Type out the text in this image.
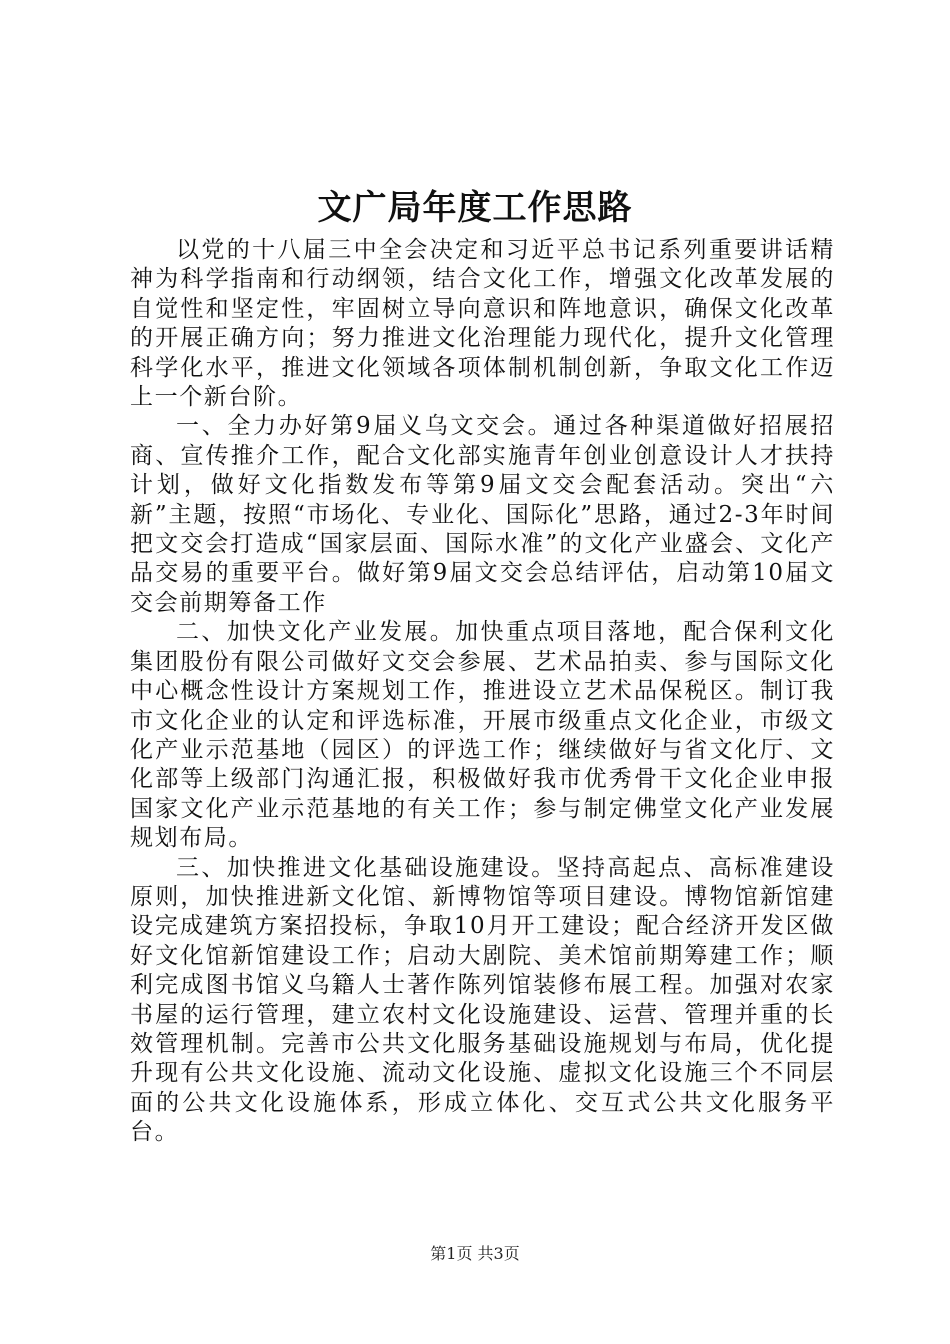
文广局年度工作思路

以党的十八届三中全会决定和习近平总书记系列重要讲话精神为科学指南和行动纲领，结合文化工作，增强文化改革发展的自觉性和坚定性，牢固树立导向意识和阵地意识，确保文化改革的开展正确方向；努力推进文化治理能力现代化，提升文化管理科学化水平，推进文化领域各项体制机制创新，争取文化工作迈上一个新台阶。

一、全力办好第9届义乌文交会。通过各种渠道做好招展招商、宣传推介工作，配合文化部实施青年创业创意设计人才扶持计划，做好文化指数发布等第9届文交会配套活动。突出“六新”主题，按照“市场化、专业化、国际化”思路，通过2-3年时间把文交会打造成“国家层面、国际水准”的文化产业盛会、文化产品交易的重要平台。做好第9届文交会总结评估，启动第10届文交会前期筹备工作

二、加快文化产业发展。加快重点项目落地，配合保利文化集团股份有限公司做好文交会参展、艺术品拍卖、参与国际文化中心概念性设计方案规划工作，推进设立艺术品保税区。制订我市文化企业的认定和评选标准，开展市级重点文化企业，市级文化产业示范基地（园区）的评选工作；继续做好与省文化厅、文化部等上级部门沟通汇报，积极做好我市优秀骨干文化企业申报国家文化产业示范基地的有关工作；参与制定佛堂文化产业发展规划布局。

三、加快推进文化基础设施建设。坚持高起点、高标准建设原则，加快推进新文化馆、新博物馆等项目建设。博物馆新馆建设完成建筑方案招投标，争取10月开工建设；配合经济开发区做好文化馆新馆建设工作；启动大剧院、美术馆前期筹建工作；顺利完成图书馆义乌籍人士著作陈列馆装修布展工程。加强对农家书屋的运行管理，建立农村文化设施建设、运营、管理并重的长效管理机制。完善市公共文化服务基础设施规划与布局，优化提升现有公共文化设施、流动文化设施、虚拟文化设施三个不同层面的公共文化设施体系，形成立体化、交互式公共文化服务平台。

第1页 共3页
